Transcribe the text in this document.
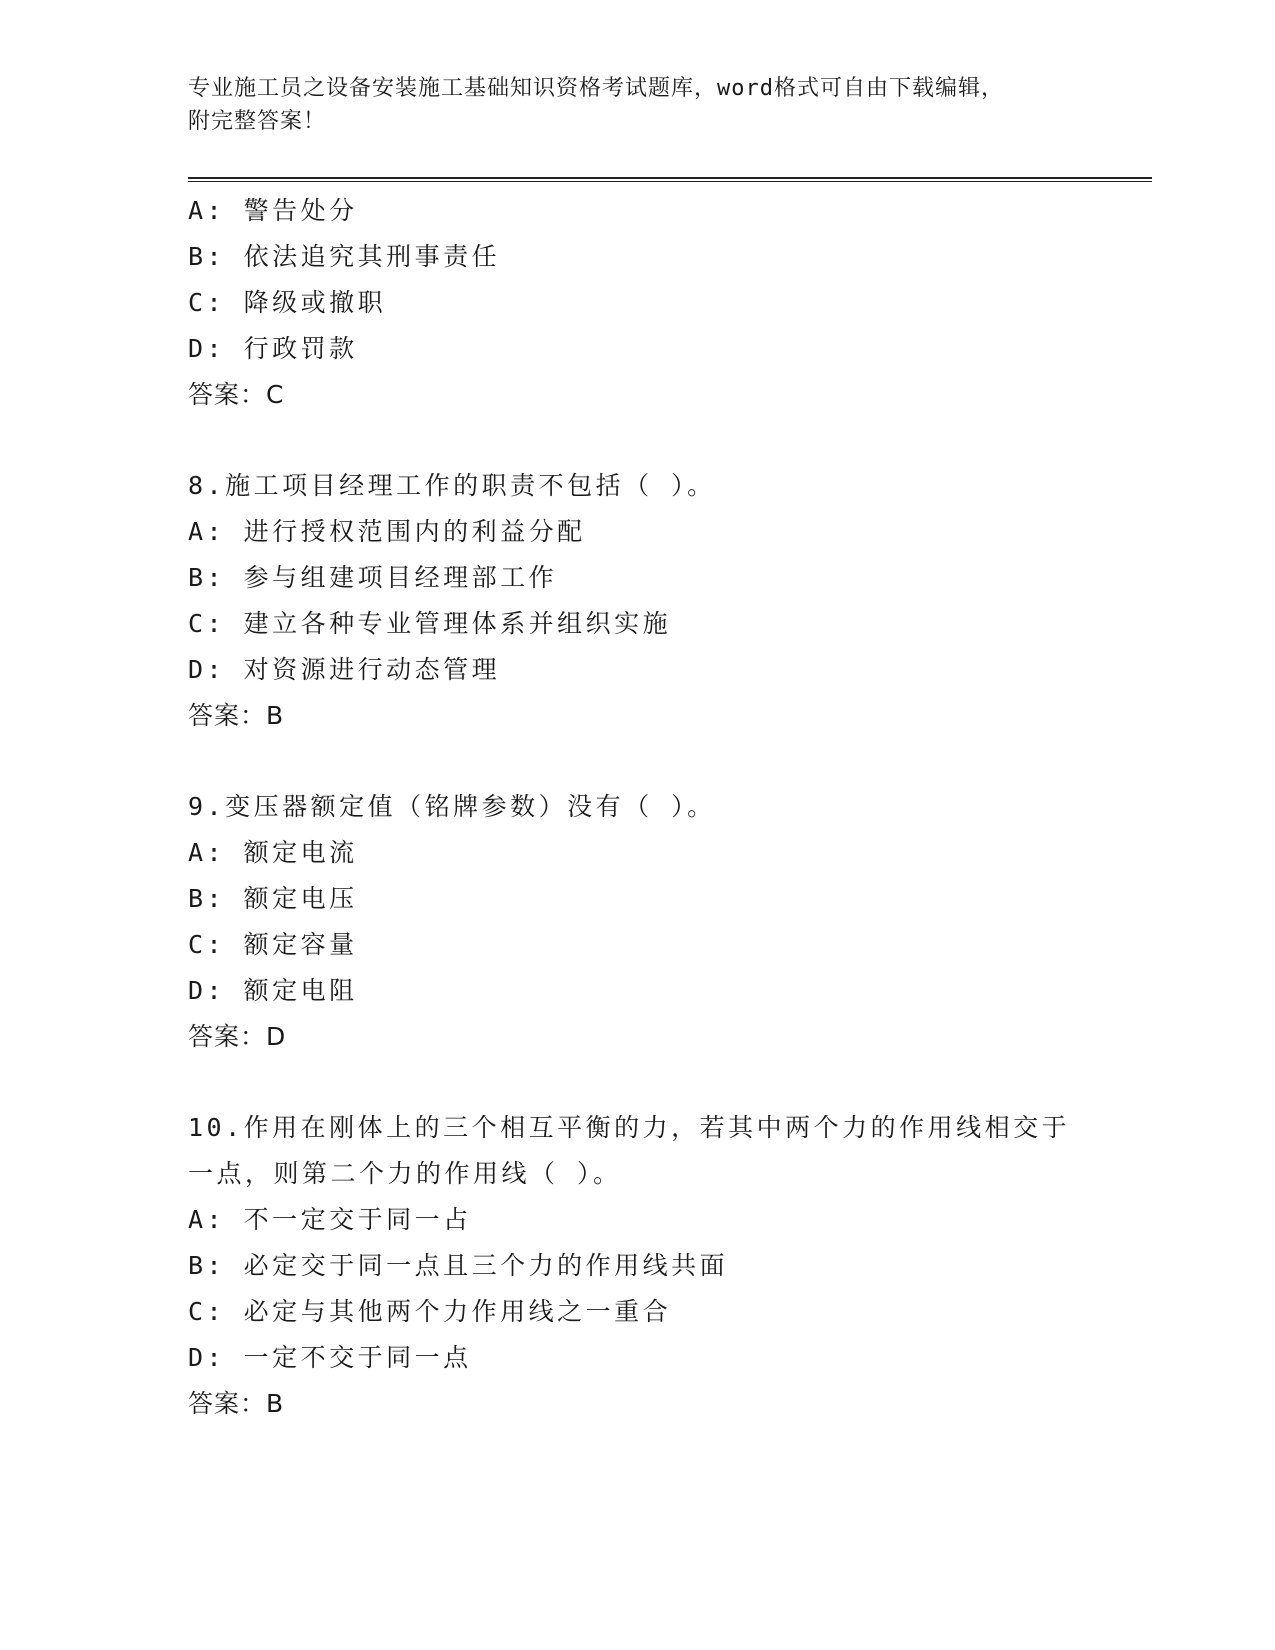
专业施工员之设备安装施工基础知识资格考试题库，word格式可自由下载编辑，
附完整答案！
A: 警告处分
B: 依法追究其刑事责任
C: 降级或撤职
D: 行政罚款
答案：C
8.施工项目经理工作的职责不包括（ ）。
A: 进行授权范围内的利益分配
B: 参与组建项目经理部工作
C: 建立各种专业管理体系并组织实施
D: 对资源进行动态管理
答案：B
9.变压器额定值（铭牌参数）没有（ ）。
A: 额定电流
B: 额定电压
C: 额定容量
D: 额定电阻
答案：D
10.作用在刚体上的三个相互平衡的力，若其中两个力的作用线相交于
一点，则第二个力的作用线（ ）。
A: 不一定交于同一占
B: 必定交于同一点且三个力的作用线共面
C: 必定与其他两个力作用线之一重合
D: 一定不交于同一点
答案：B
